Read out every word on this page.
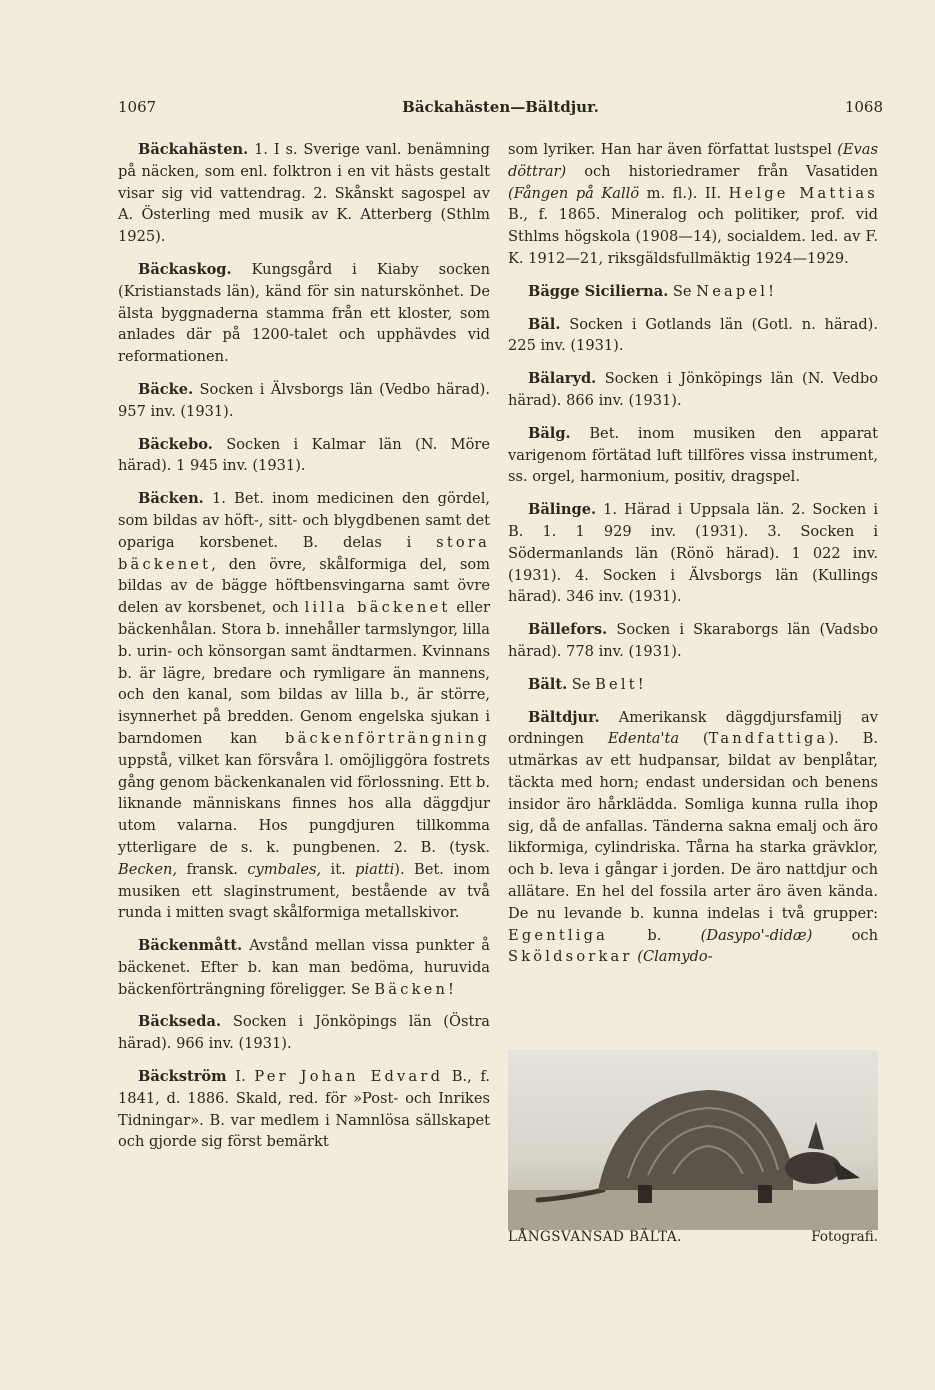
1067	Bäckahästen—Bältdjur.	1068

Bäckahästen. 1. I s. Sverige vanl. benämning på näcken, som enl. folktron i en vit hästs gestalt visar sig vid vattendrag. 2. Skånskt sagospel av A. Österling med musik av K. Atterberg (Sthlm 1925).

Bäckaskog. Kungsgård i Kiaby socken (Kristianstads län), känd för sin naturskönhet. De älsta byggnaderna stamma från ett kloster, som anlades där på 1200-talet och upphävdes vid reformationen.

Bäcke. Socken i Älvsborgs län (Vedbo härad). 957 inv. (1931).

Bäckebo. Socken i Kalmar län (N. Möre härad). 1 945 inv. (1931).

Bäcken. 1. Bet. inom medicinen den gördel, som bildas av höft-, sitt- och blygdbenen samt det opariga korsbenet. B. delas i stora bäckenet, den övre, skålformiga del, som bildas av de bägge höftbensvingarna samt övre delen av korsbenet, och lilla bäckenet eller bäckenhålan. Stora b. innehåller tarmslyngor, lilla b. urin- och könsorgan samt ändtarmen. Kvinnans b. är lägre, bredare och rymligare än mannens, och den kanal, som bildas av lilla b., är större, isynnerhet på bredden. Genom engelska sjukan i barndomen kan bäckenförträngning uppstå, vilket kan försvåra l. omöjliggöra fostrets gång genom bäckenkanalen vid förlossning. Ett b. liknande människans finnes hos alla däggdjur utom valarna. Hos pungdjuren tillkomma ytterligare de s. k. pungbenen. 2. B. (tysk. Becken, fransk. cymbales, it. piatti). Bet. inom musiken ett slaginstrument, bestående av två runda i mitten svagt skålformiga metallskivor.

Bäckenmått. Avstånd mellan vissa punkter å bäckenet. Efter b. kan man bedöma, huruvida bäckenförträngning föreligger. Se Bäcken!

Bäckseda. Socken i Jönköpings län (Östra härad). 966 inv. (1931).

Bäckström I. Per Johan Edvard B., f. 1841, d. 1886. Skald, red. för »Post- och Inrikes Tidningar». B. var medlem i Namnlösa sällskapet och gjorde sig först bemärkt

som lyriker. Han har även författat lustspel (Evas döttrar) och historiedramer från Vasatiden (Fången på Kallö m. fl.). II. Helge Mattias B., f. 1865. Mineralog och politiker, prof. vid Sthlms högskola (1908—14), socialdem. led. av F. K. 1912—21, riksgäldsfullmäktig 1924—1929.

Bägge Sicilierna. Se Neapel!

Bäl. Socken i Gotlands län (Gotl. n. härad). 225 inv. (1931).

Bälaryd. Socken i Jönköpings län (N. Vedbo härad). 866 inv. (1931).

Bälg. Bet. inom musiken den apparat varigenom förtätad luft tillföres vissa instrument, ss. orgel, harmonium, positiv, dragspel.

Bälinge. 1. Härad i Uppsala län. 2. Socken i B. 1. 1 929 inv. (1931). 3. Socken i Södermanlands län (Rönö härad). 1 022 inv. (1931). 4. Socken i Älvsborgs län (Kullings härad). 346 inv. (1931).

Bällefors. Socken i Skaraborgs län (Vadsbo härad). 778 inv. (1931).

Bält. Se Belt!

Bältdjur. Amerikansk däggdjursfamilj av ordningen Edenta'ta (Tandfattiga). B. utmärkas av ett hudpansar, bildat av benplåtar, täckta med horn; endast undersidan och benens insidor äro hårklädda. Somliga kunna rulla ihop sig, då de anfallas. Tänderna sakna emalj och äro likformiga, cylindriska. Tårna ha starka grävklor, och b. leva i gångar i jorden. De äro nattdjur och allätare. En hel del fossila arter äro även kända. De nu levande b. kunna indelas i två grupper: Egentliga b. (Dasypo'-didæ) och Sköldsorkar (Clamydo-

LÅNGSVANSAD BÄLTA.	Fotografi.
